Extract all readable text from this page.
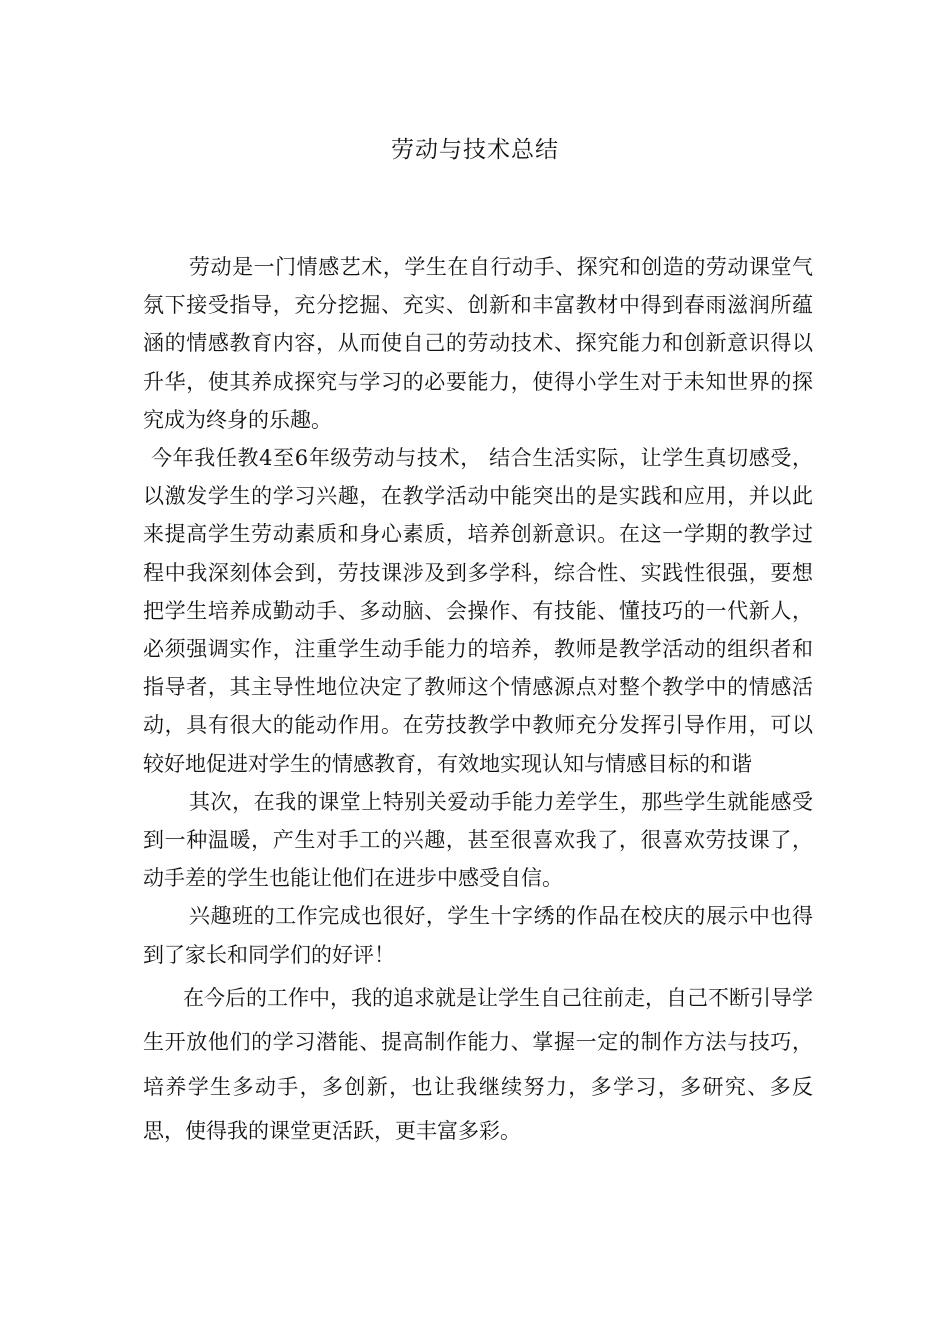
劳动与技术总结

劳动是一门情感艺术，学生在自行动手、探究和创造的劳动课堂气氛下接受指导，充分挖掘、充实、创新和丰富教材中得到春雨滋润所蕴涵的情感教育内容，从而使自己的劳动技术、探究能力和创新意识得以升华，使其养成探究与学习的必要能力，使得小学生对于未知世界的探究成为终身的乐趣。

今年我任教4至6年级劳动与技术， 结合生活实际，让学生真切感受，以激发学生的学习兴趣，在教学活动中能突出的是实践和应用，并以此来提高学生劳动素质和身心素质，培养创新意识。在这一学期的教学过程中我深刻体会到，劳技课涉及到多学科，综合性、实践性很强，要想把学生培养成勤动手、多动脑、会操作、有技能、懂技巧的一代新人，必须强调实作，注重学生动手能力的培养，教师是教学活动的组织者和指导者，其主导性地位决定了教师这个情感源点对整个教学中的情感活动，具有很大的能动作用。在劳技教学中教师充分发挥引导作用，可以较好地促进对学生的情感教育，有效地实现认知与情感目标的和谐

其次，在我的课堂上特别关爱动手能力差学生，那些学生就能感受到一种温暖，产生对手工的兴趣，甚至很喜欢我了，很喜欢劳技课了，动手差的学生也能让他们在进步中感受自信。

兴趣班的工作完成也很好，学生十字绣的作品在校庆的展示中也得到了家长和同学们的好评！

在今后的工作中，我的追求就是让学生自己往前走，自己不断引导学生开放他们的学习潜能、提高制作能力、掌握一定的制作方法与技巧，培养学生多动手，多创新，也让我继续努力，多学习，多研究、多反思，使得我的课堂更活跃，更丰富多彩。
